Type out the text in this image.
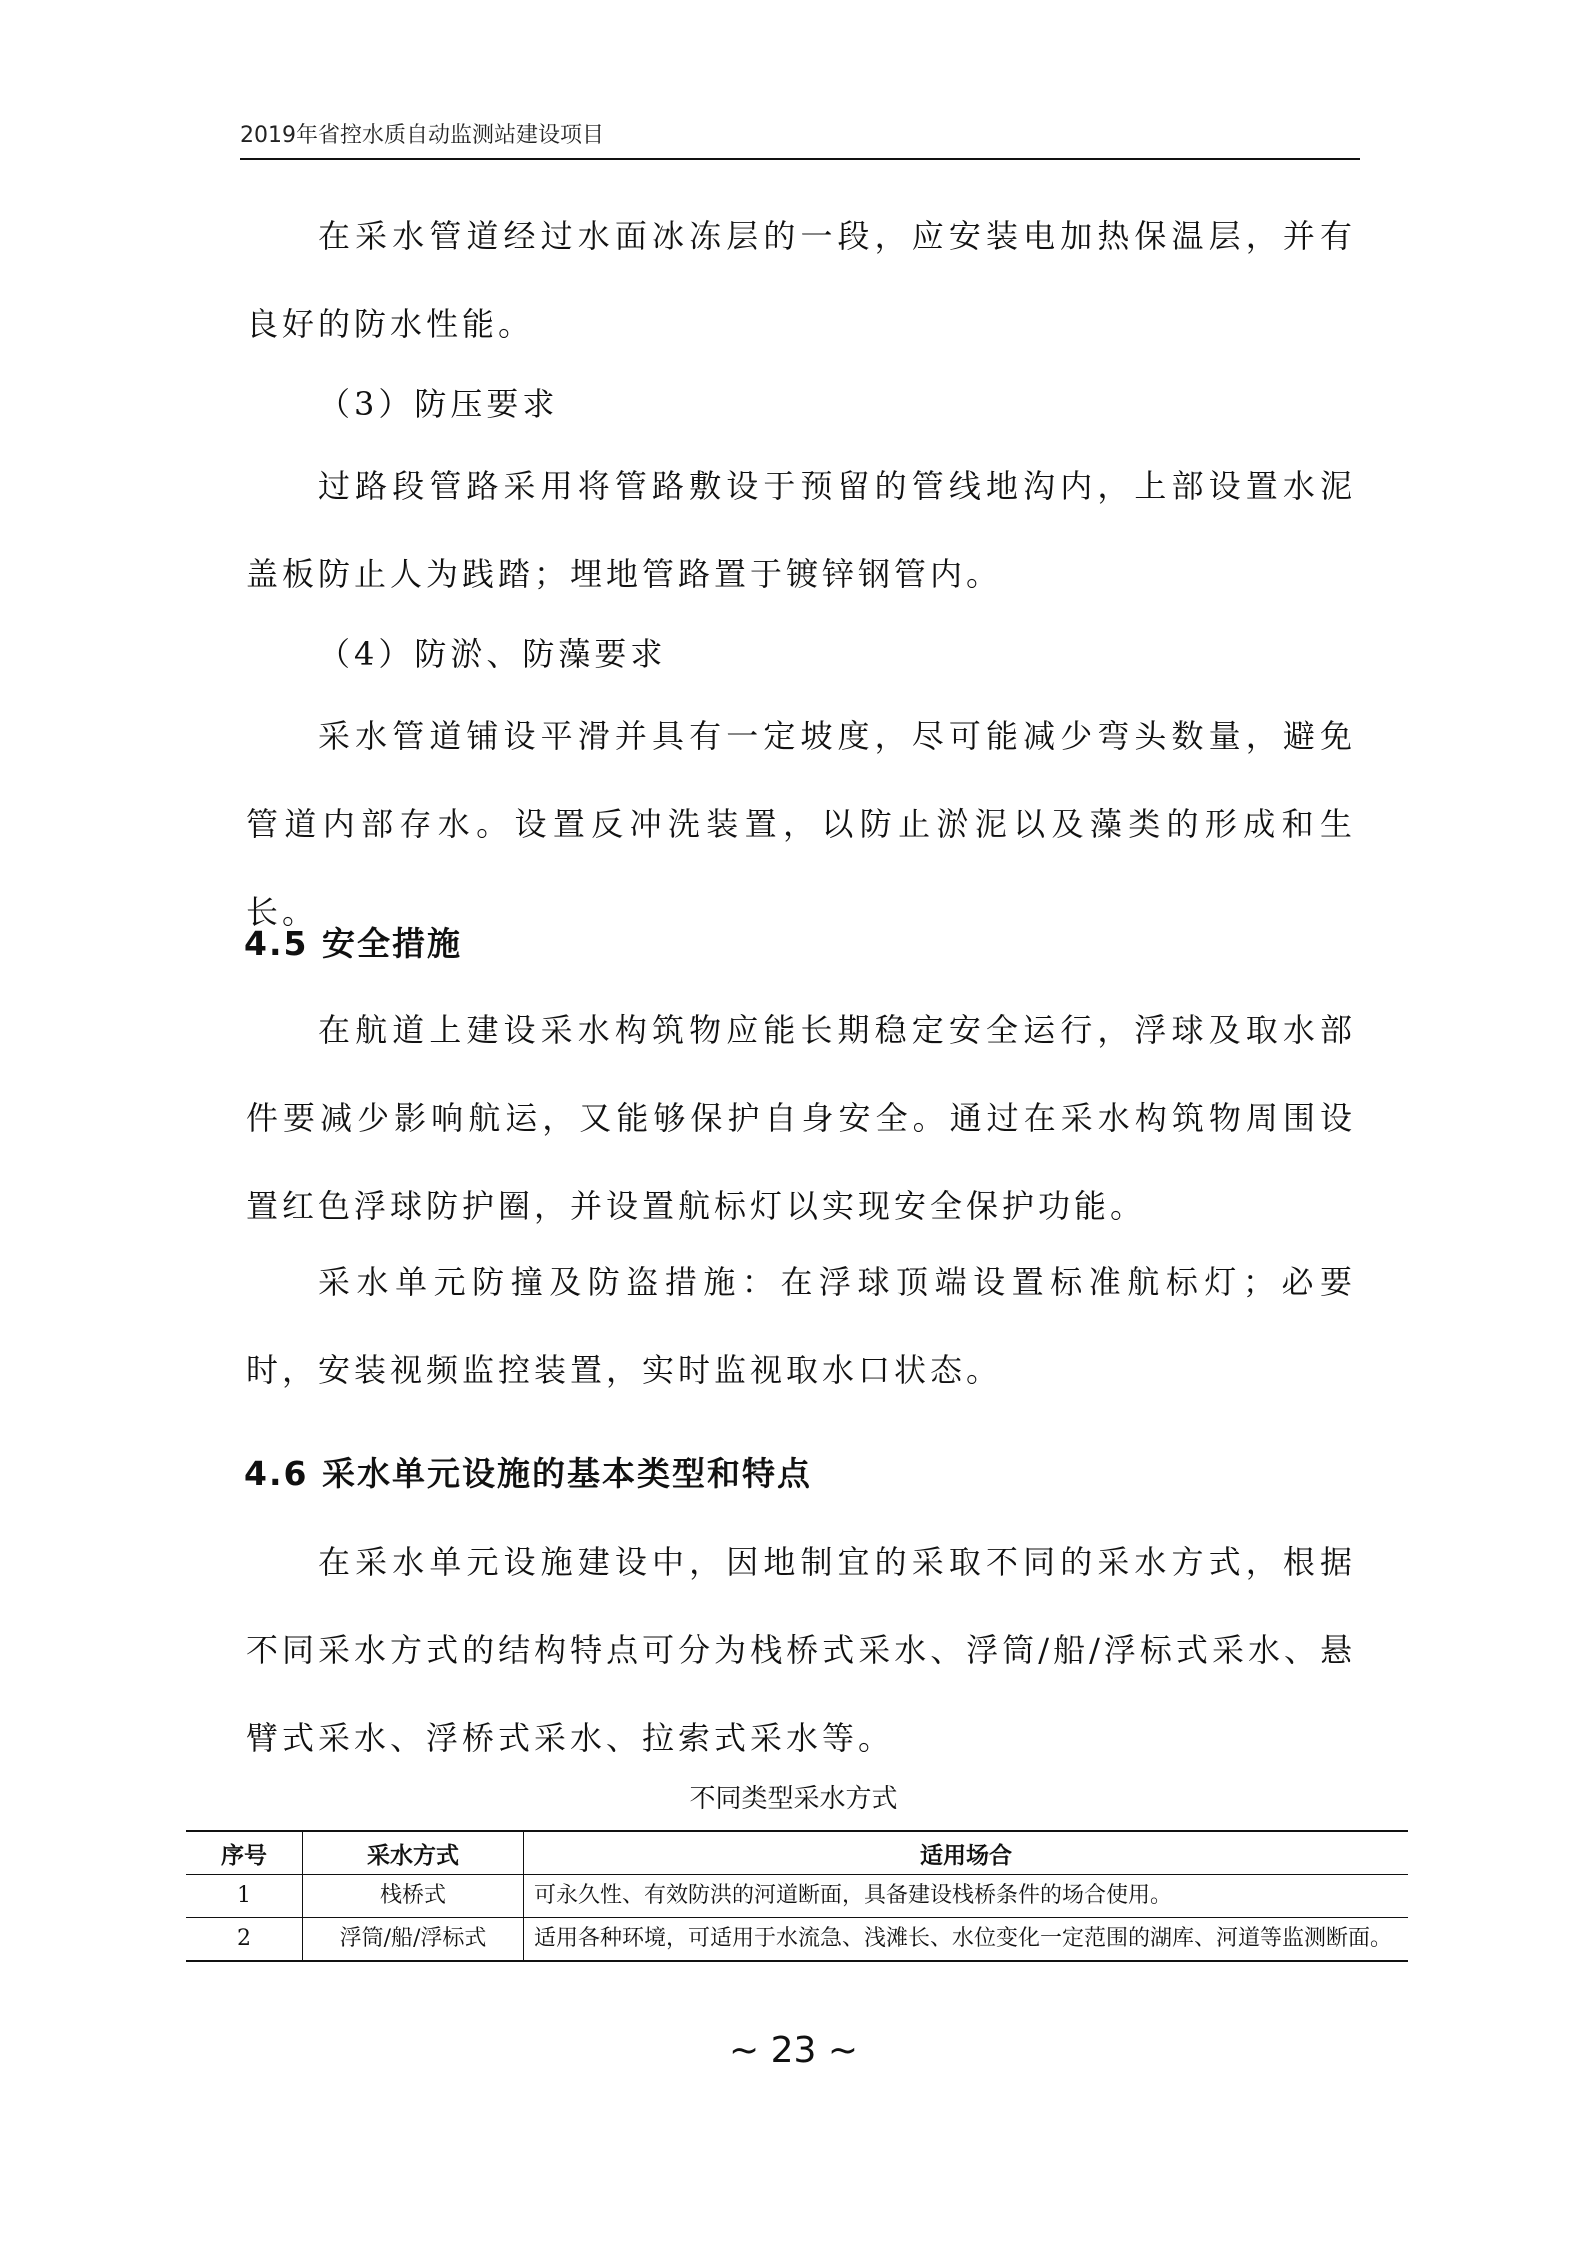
2019年省控水质自动监测站建设项目
在采水管道经过水面冰冻层的一段，应安装电加热保温层，并有良好的防水性能。
（3）防压要求
过路段管路采用将管路敷设于预留的管线地沟内，上部设置水泥盖板防止人为践踏；埋地管路置于镀锌钢管内。
（4）防淤、防藻要求
采水管道铺设平滑并具有一定坡度，尽可能减少弯头数量，避免管道内部存水。设置反冲洗装置，以防止淤泥以及藻类的形成和生长。
4.5 安全措施
在航道上建设采水构筑物应能长期稳定安全运行，浮球及取水部件要减少影响航运，又能够保护自身安全。通过在采水构筑物周围设置红色浮球防护圈，并设置航标灯以实现安全保护功能。
采水单元防撞及防盗措施：在浮球顶端设置标准航标灯；必要时，安装视频监控装置，实时监视取水口状态。
4.6 采水单元设施的基本类型和特点
在采水单元设施建设中，因地制宜的采取不同的采水方式，根据不同采水方式的结构特点可分为栈桥式采水、浮筒/船/浮标式采水、悬臂式采水、浮桥式采水、拉索式采水等。
不同类型采水方式
序号	采水方式	适用场合
1	栈桥式	可永久性、有效防洪的河道断面，具备建设栈桥条件的场合使用。
2	浮筒/船/浮标式	适用各种环境，可适用于水流急、浅滩长、水位变化一定范围的湖库、河道等监测断面。
~ 23 ~
